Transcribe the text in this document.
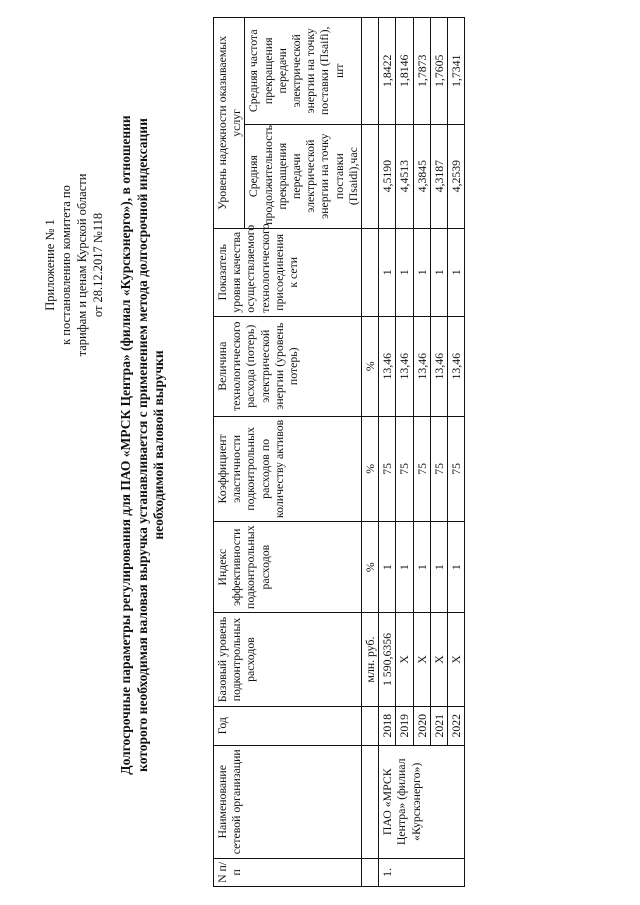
Приложение № 1 к постановлению комитета по тарифам и ценам Курской области от 28.12.2017 №118 Долгосрочные параметры регулирования для ПАО «МРСК Центра» (филиал «Курскэнерго»), в отношении которого необходимая валовая выручка устанавливается с применением метода долгосрочной индексации необходимой валовой выручки
N п/п	Наименование сетевой организации	Год	Базовый уровень подконтрольных расходов	Индекс эффективности подконтрольных расходов	Коэффициент эластичности подконтрольных расходов по количеству активов	Величина технологического расхода (потерь) электрической энергии (уровень потерь)	Показатель уровня качества осуществляемого технологического присоединения к сети	Уровень надежности оказываемых услуг	
								Средняя продолжительность прекращения передачи электрической энергии на точку поставки (Пsaidi),час	Средняя частота прекращения передачи электрической энергии на точку поставки (Пsaifi), шт
			млн. руб.	%	%	%			
1.	ПАО «МРСК Центра» (филиал «Курскэнерго»)	2018	1 590,6356	1	75	13,46	1	4,5190	1,8422
		2019	X	1	75	13,46	1	4,4513	1,8146
		2020	X	1	75	13,46	1	4,3845	1,7873
		2021	X	1	75	13,46	1	4,3187	1,7605
		2022	X	1	75	13,46	1	4,2539	1,7341
